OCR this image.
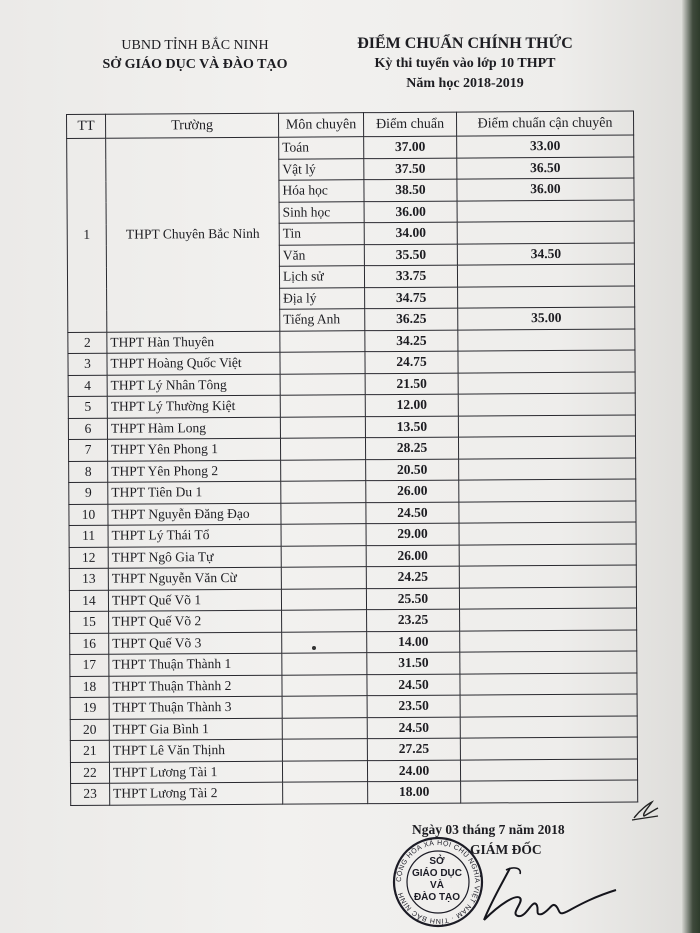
UBND TỈNH BẮC NINH
SỞ GIÁO DỤC VÀ ĐÀO TẠO
ĐIỂM CHUẨN CHÍNH THỨC
Kỳ thi tuyển vào lớp 10 THPT
Năm học 2018-2019
TT	Trường	Môn chuyên	Điểm chuẩn	Điểm chuẩn cận chuyên
1	THPT Chuyên Bắc Ninh	Toán	37.00	33.00
		Vật lý	37.50	36.50
		Hóa học	38.50	36.00
		Sinh học	36.00	
		Tin	34.00	
		Văn	35.50	34.50
		Lịch sử	33.75	
		Địa lý	34.75	
		Tiếng Anh	36.25	35.00
2	THPT Hàn Thuyên		34.25	
3	THPT Hoàng Quốc Việt		24.75	
4	THPT Lý Nhân Tông		21.50	
5	THPT Lý Thường Kiệt		12.00	
6	THPT Hàm Long		13.50	
7	THPT Yên Phong 1		28.25	
8	THPT Yên Phong 2		20.50	
9	THPT Tiên Du 1		26.00	
10	THPT Nguyễn Đăng Đạo		24.50	
11	THPT Lý Thái Tổ		29.00	
12	THPT Ngô Gia Tự		26.00	
13	THPT Nguyễn Văn Cừ		24.25	
14	THPT Quế Võ 1		25.50	
15	THPT Quế Võ 2		23.25	
16	THPT Quế Võ 3		14.00	
17	THPT Thuận Thành 1		31.50	
18	THPT Thuận Thành 2		24.50	
19	THPT Thuận Thành 3		23.50	
20	THPT Gia Bình 1		24.50	
21	THPT Lê Văn Thịnh		27.25	
22	THPT Lương Tài 1		24.00	
23	THPT Lương Tài 2		18.00	
Ngày 03 tháng 7 năm 2018
GIÁM ĐỐC
CỘNG HÒA XÃ HỘI CHỦ NGHĨA VIỆT NAM · TỈNH BẮC NINH
SỞ
GIÁO DỤC
VÀ
ĐÀO TẠO
